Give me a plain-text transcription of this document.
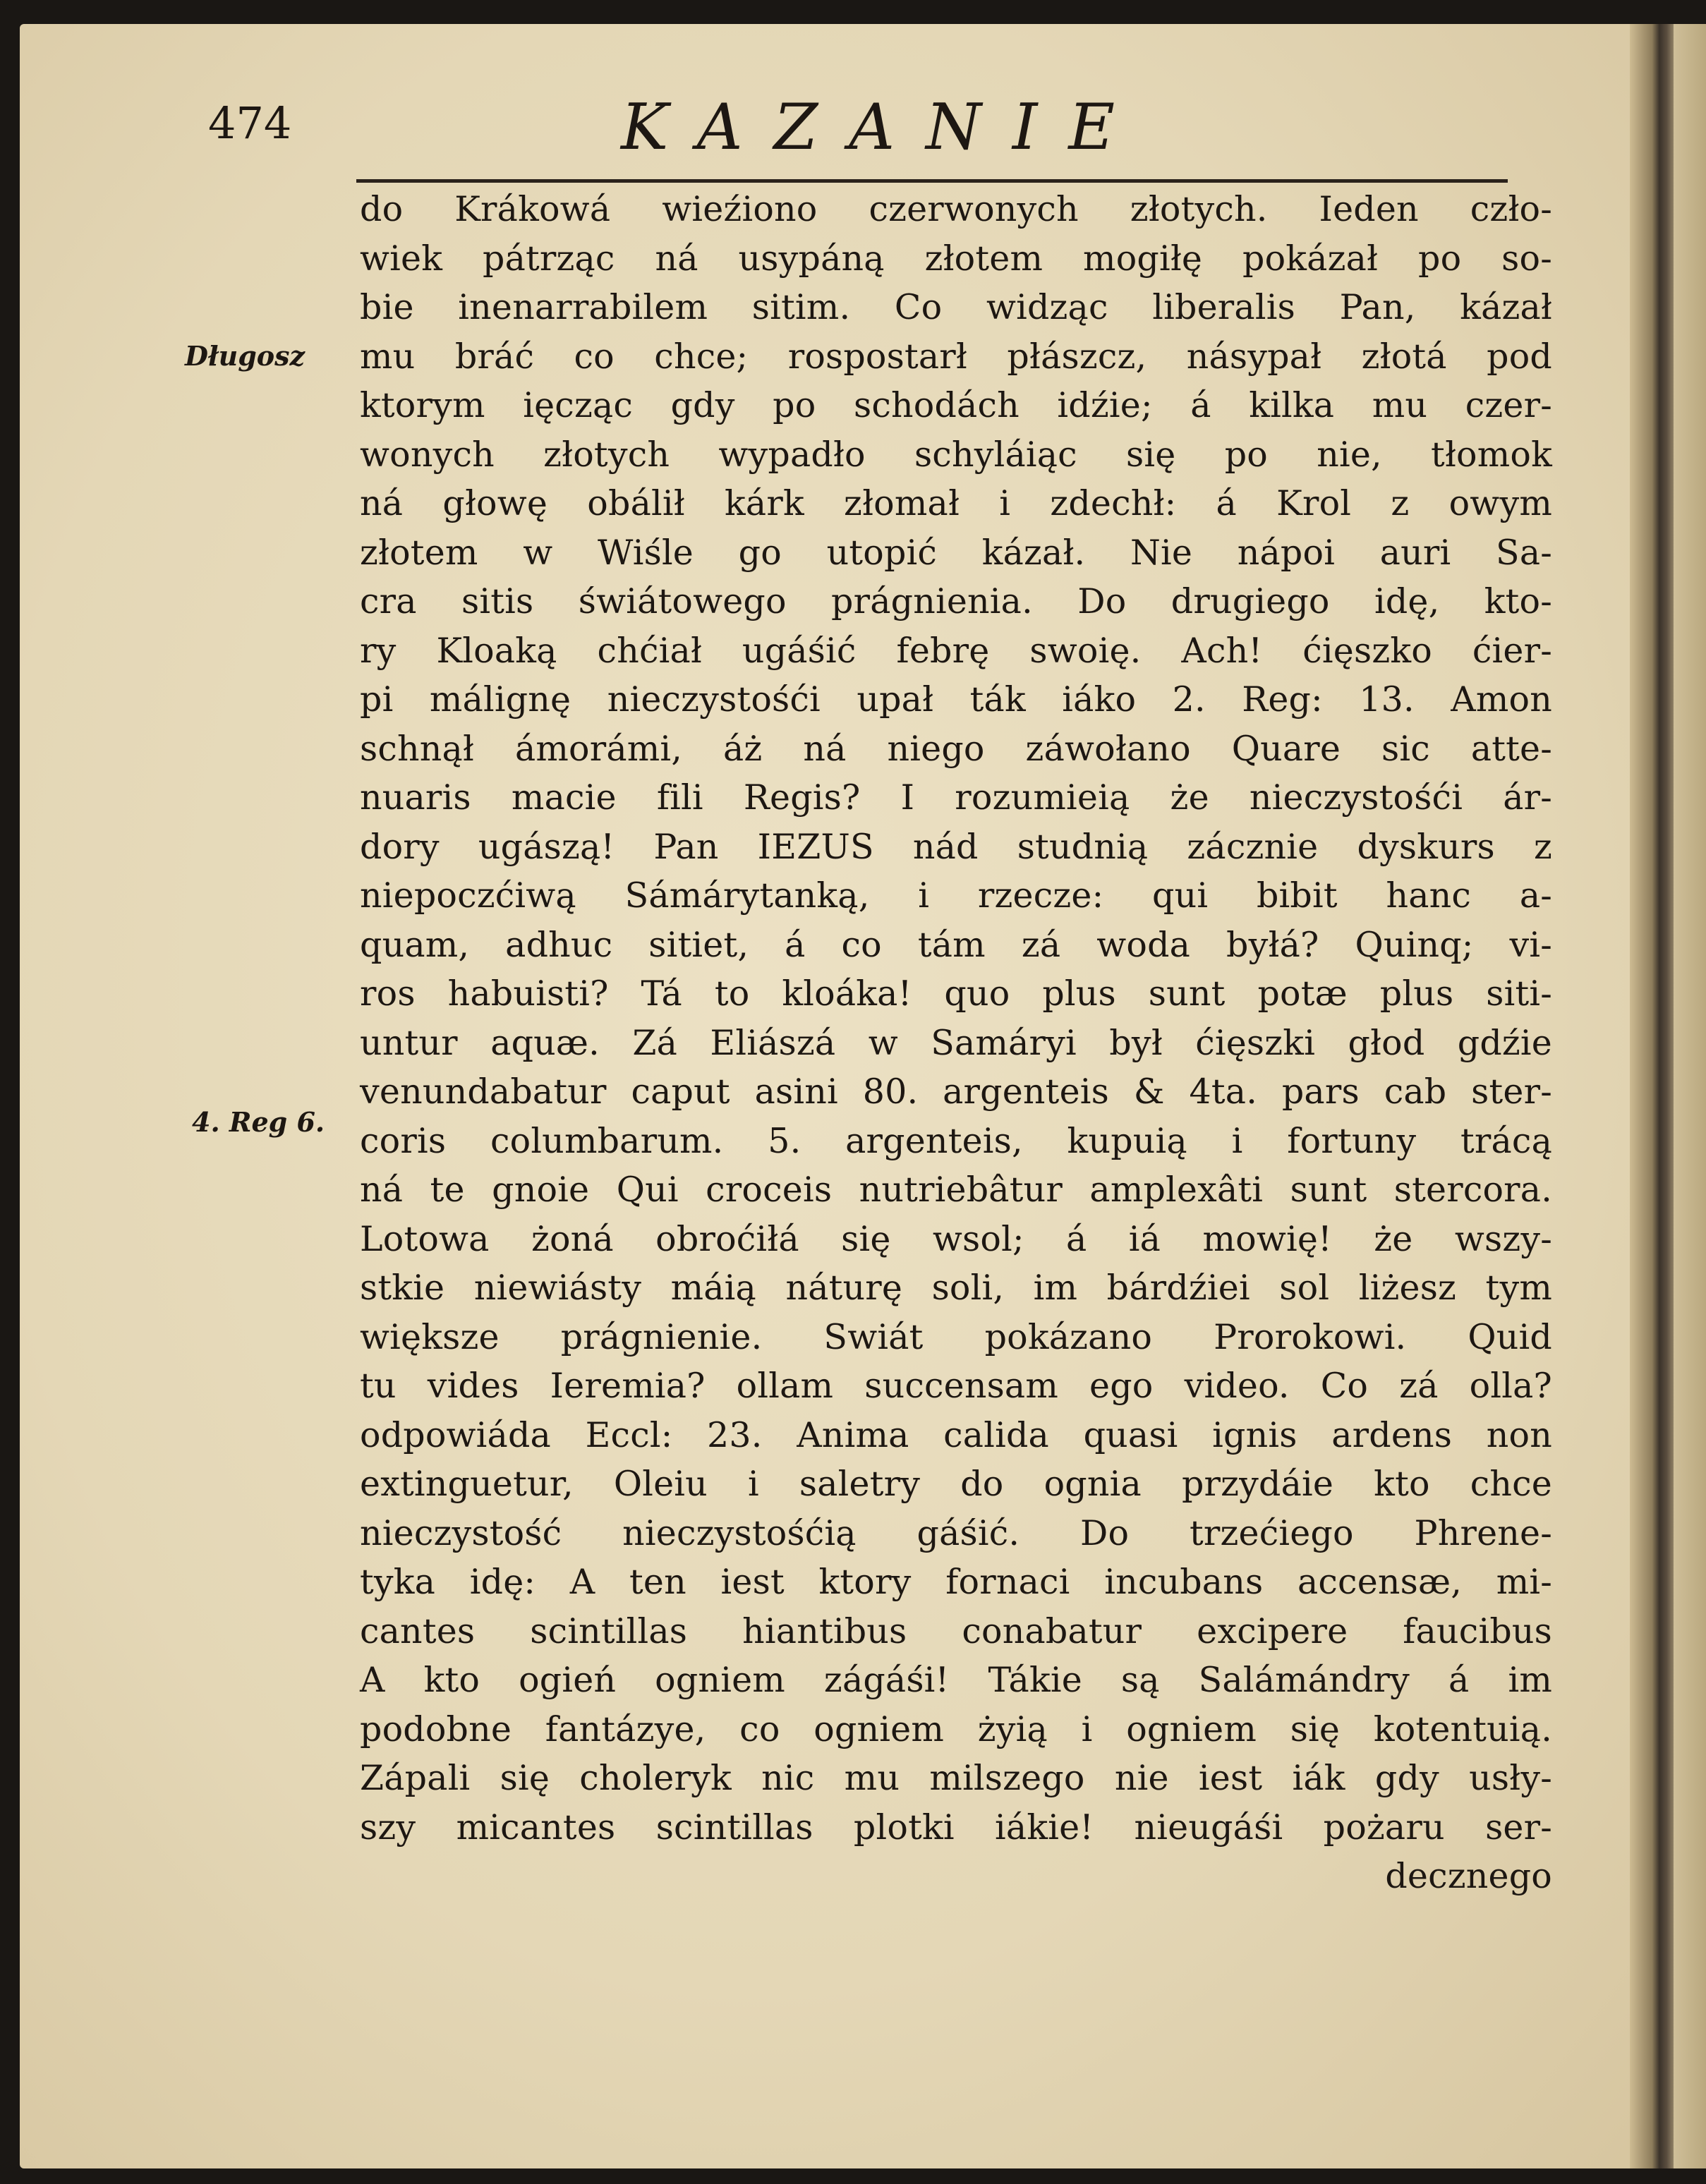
474	KAZANIE
Długosz
4. Reg 6.
do Krákowá wieźiono czerwonych złotych. Ieden czło-
wiek pátrząc ná usypáną złotem mogiłę pokázał po so-
bie inenarrabilem sitim. Co widząc liberalis Pan, kázał
mu bráć co chce; rospostarł płászcz, násypał złotá pod
ktorym ięcząc gdy po schodách idźie; á kilka mu czer-
wonych złotych wypadło schyláiąc się po nie, tłomok
ná głowę obálił kárk złomał i zdechł: á Krol z owym
złotem w Wiśle go utopić kázał. Nie nápoi auri Sa-
cra sitis świátowego prágnienia. Do drugiego idę, kto-
ry Kloaką chćiał ugáśić febrę swoię. Ach! ćięszko ćier-
pi málignę nieczystośći upał ták iáko 2. Reg: 13. Amon
schnął ámorámi, áż ná niego záwołano Quare sic atte-
nuaris macie fili Regis? I rozumieią że nieczystośći ár-
dory ugászą! Pan IEZUS nád studnią zácznie dyskurs z
niepoczćiwą Sámárytanką, i rzecze: qui bibit hanc a-
quam, adhuc sitiet, á co tám zá woda byłá? Quinq; vi-
ros habuisti? Tá to kloáka! quo plus sunt potæ plus siti-
untur aquæ. Zá Eliászá w Samáryi był ćięszki głod gdźie
venundabatur caput asini 80. argenteis & 4ta. pars cab ster-
coris columbarum. 5. argenteis, kupuią i fortuny trácą
ná te gnoie Qui croceis nutriebâtur amplexâti sunt stercora.
Lotowa żoná obroćiłá się wsol; á iá mowię! że wszy-
stkie niewiásty máią náturę soli, im bárdźiei sol liżesz tym
większe prágnienie. Swiát pokázano Prorokowi. Quid
tu vides Ieremia? ollam succensam ego video. Co zá olla?
odpowiáda Eccl: 23. Anima calida quasi ignis ardens non
extinguetur, Oleiu i saletry do ognia przydáie kto chce
nieczystość nieczystośćią gáśić. Do trzećiego Phrene-
tyka idę: A ten iest ktory fornaci incubans accensæ, mi-
cantes scintillas hiantibus conabatur excipere faucibus
A kto ogień ogniem zágáśi! Tákie są Salámándry á im
podobne fantázye, co ogniem żyią i ogniem się kotentuią.
Zápali się choleryk nic mu milszego nie iest iák gdy usły-
szy micantes scintillas plotki iákie! nieugáśi pożaru ser-
decznego
